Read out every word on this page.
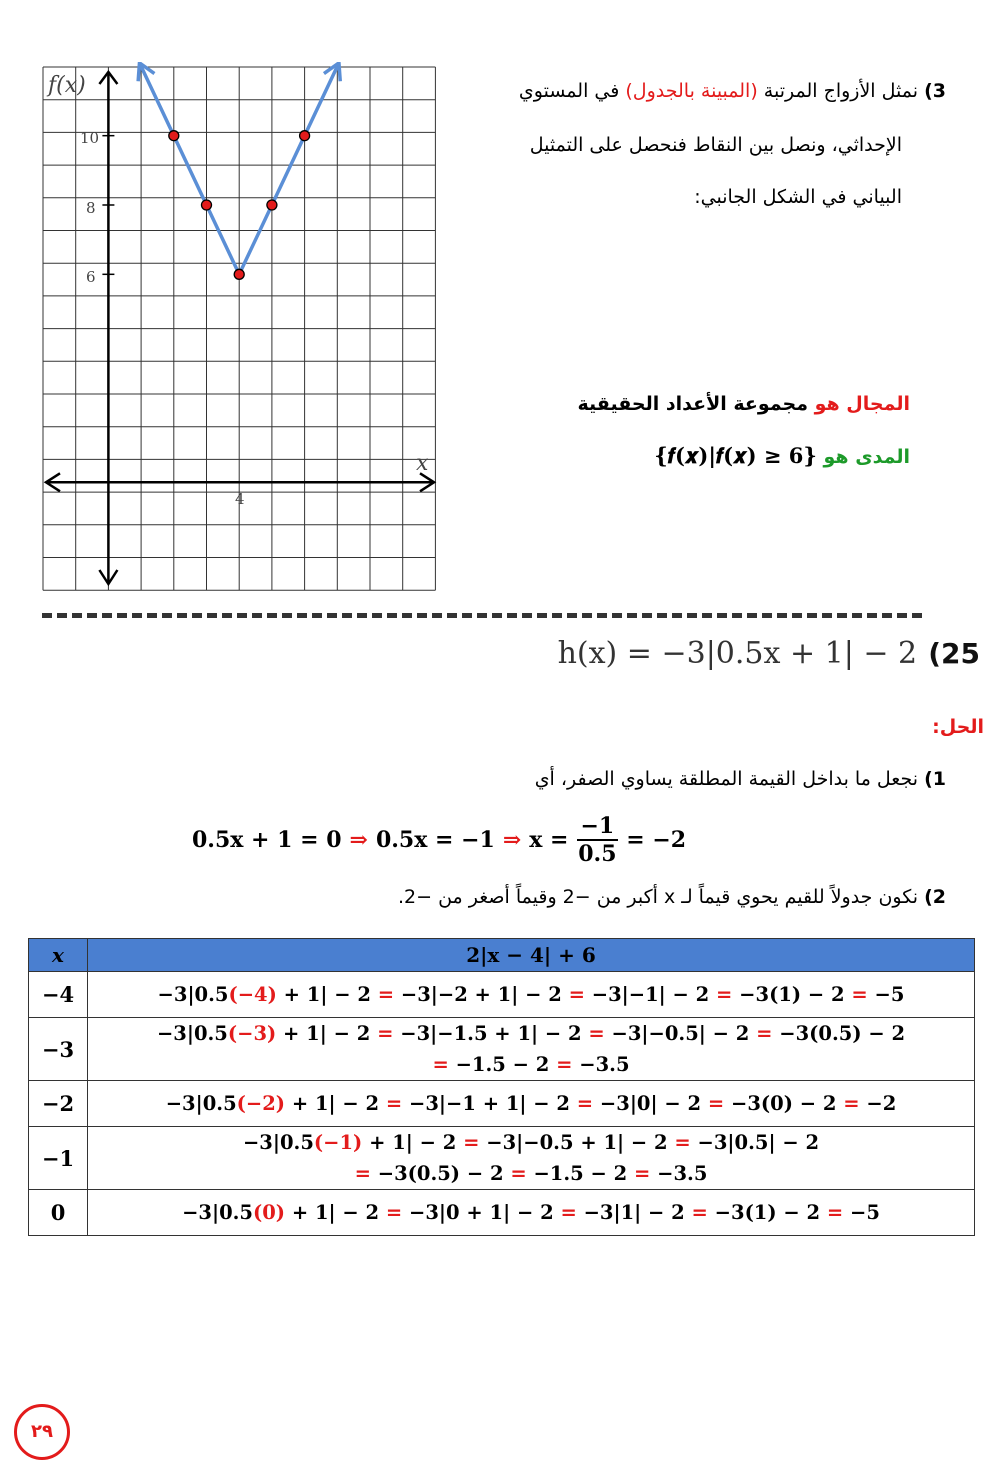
f(x)
x
10
8
6
4
3) نمثل الأزواج المرتبة (المبينة بالجدول) في المستوي
الإحداثي، ونصل بين النقاط فنحصل على التمثيل
البياني في الشكل الجانبي:
المجال هو مجموعة الأعداد الحقيقية
المدى هو {𝒇(𝒙)|𝒇(𝒙) ≥ 𝟔}
h(x) = −3|0.5x + 1| − 2 (25
الحل:
1) نجعل ما بداخل القيمة المطلقة يساوي الصفر، أي
0.5x + 1 = 0 ⇒ 0.5x = −1 ⇒ $x = \frac{-1}{0.5} = -2$
2) نكون جدولاً للقيم يحوي قيماً لـ x أكبر من −2 وقيماً أصغر من −2.
x	2|x − 4| + 6
−4	−3|0.5(−4) + 1| − 2 = −3|−2 + 1| − 2 = −3|−1| − 2 = −3(1) − 2 = −5

−3	−3|0.5(−3) + 1| − 2 = −3|−1.5 + 1| − 2 = −3|−0.5| − 2 = −3(0.5) − 2
= −1.5 − 2 = −3.5

−2	−3|0.5(−2) + 1| − 2 = −3|−1 + 1| − 2 = −3|0| − 2 = −3(0) − 2 = −2

−1	−3|0.5(−1) + 1| − 2 = −3|−0.5 + 1| − 2 = −3|0.5| − 2
= −3(0.5) − 2 = −1.5 − 2 = −3.5

0	−3|0.5(0) + 1| − 2 = −3|0 + 1| − 2 = −3|1| − 2 = −3(1) − 2 = −5
٢٩
